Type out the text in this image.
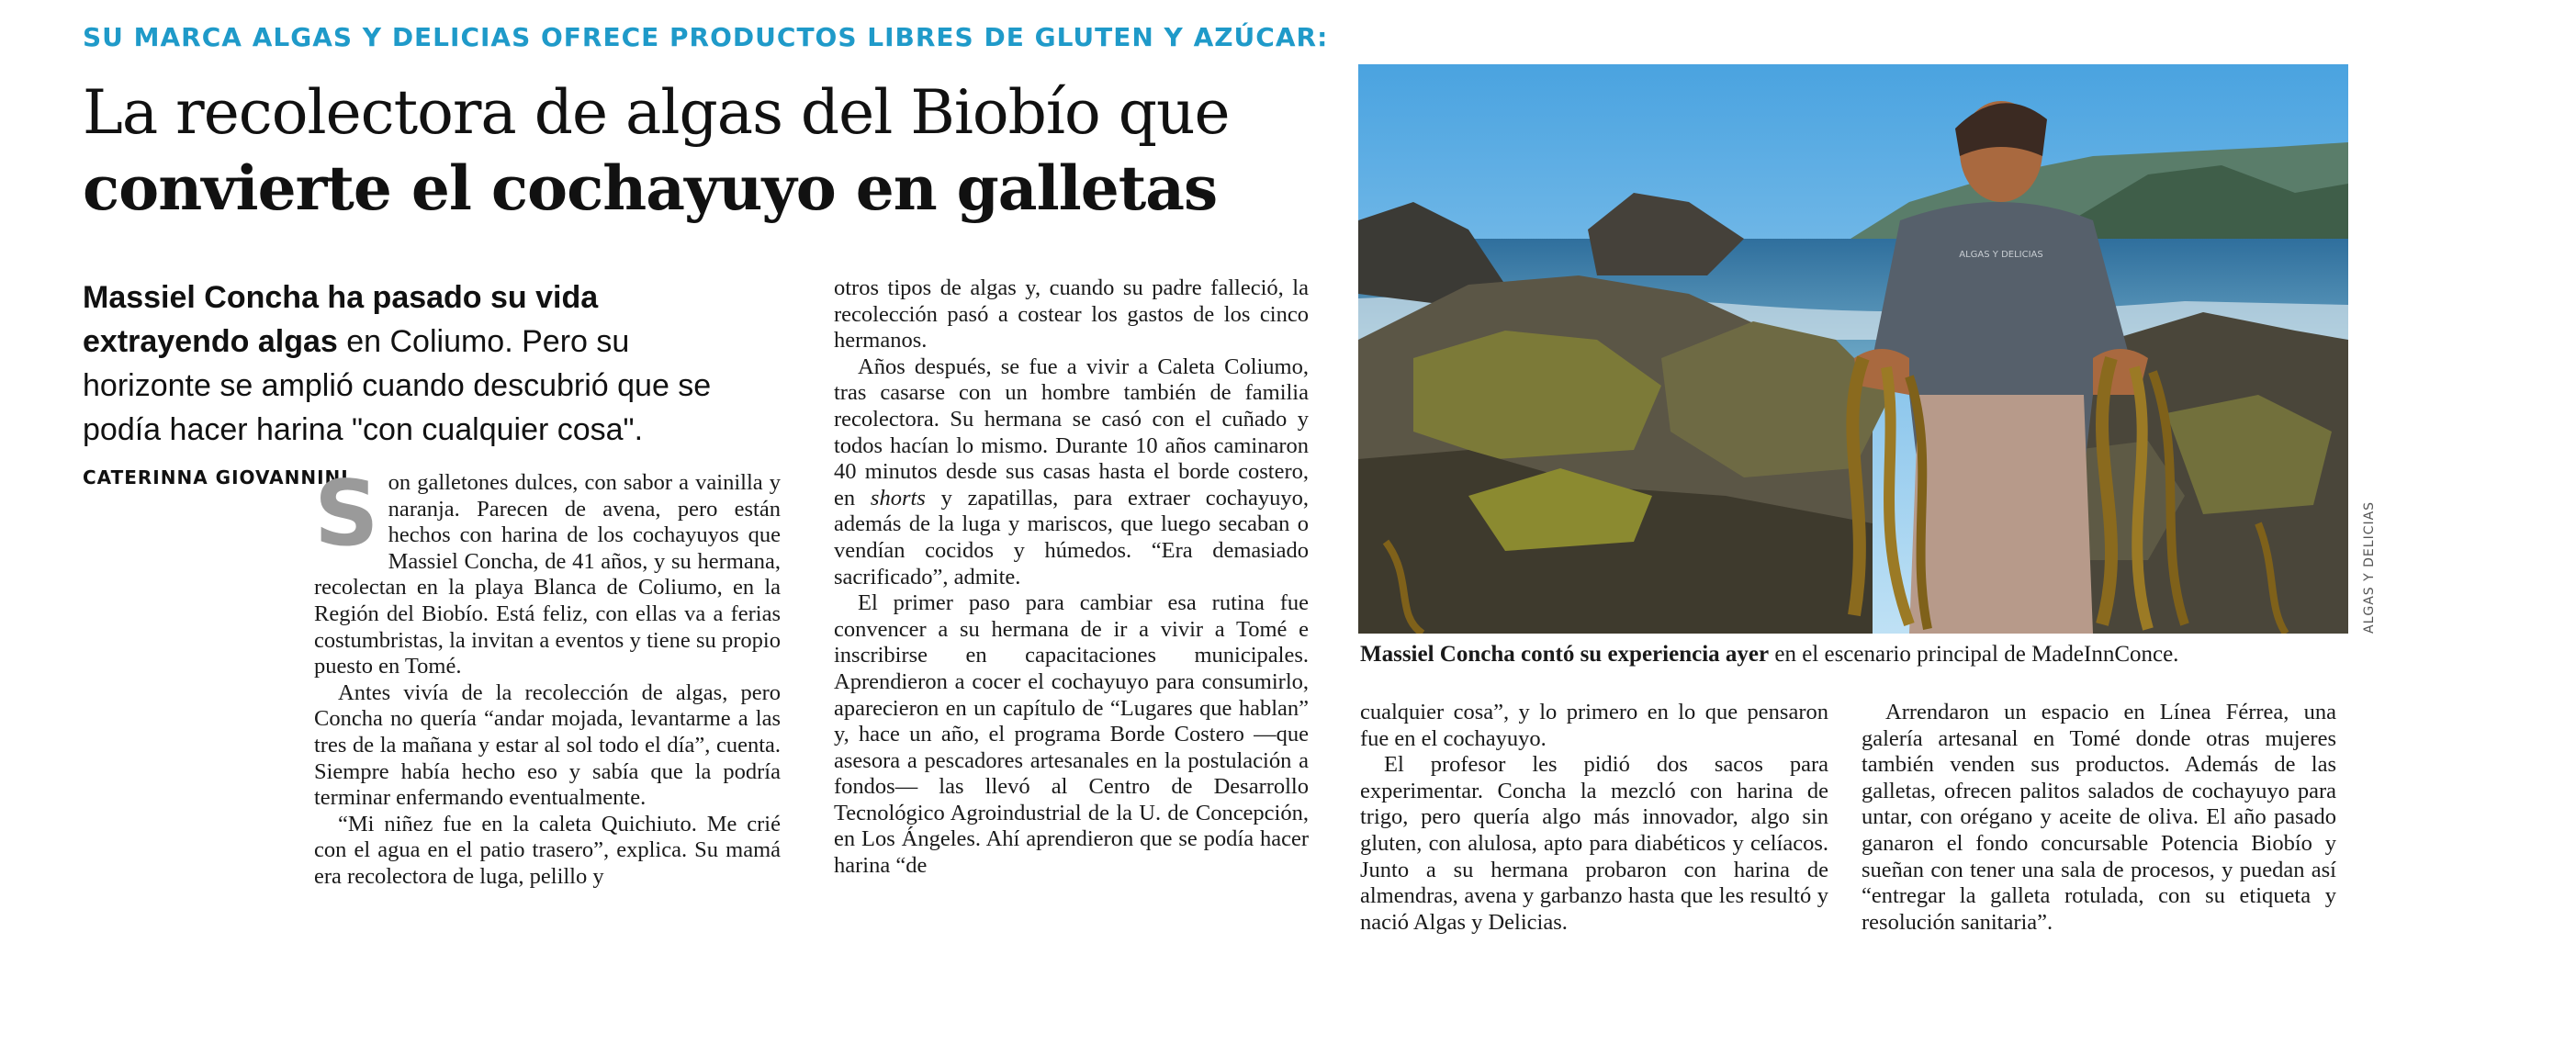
SU MARCA ALGAS Y DELICIAS OFRECE PRODUCTOS LIBRES DE GLUTEN Y AZÚCAR:
La recolectora de algas del Biobío que
convierte el cochayuyo en galletas
Massiel Concha ha pasado su vida extrayendo algas en Coliumo. Pero su horizonte se amplió cuando descubrió que se podía hacer harina "con cualquier cosa". CATERINNA GIOVANNINI

Son galletones dulces, con sabor a vainilla y naranja. Parecen de avena, pero están hechos con harina de los cochayuyos que Massiel Concha, de 41 años, y su hermana, recolectan en la playa Blanca de Coliumo, en la Región del Biobío. Está feliz, con ellas va a ferias costumbristas, la invitan a eventos y tiene su propio puesto en Tomé.

Antes vivía de la recolección de algas, pero Concha no quería “andar mojada, levantarme a las tres de la mañana y estar al sol todo el día”, cuenta. Siempre había hecho eso y sabía que la podría terminar enfermando eventualmente.

“Mi niñez fue en la caleta Quichiuto. Me crié con el agua en el patio trasero”, explica. Su mamá era recolectora de luga, pelillo y

otros tipos de algas y, cuando su padre falleció, la recolección pasó a costear los gastos de los cinco hermanos.

Años después, se fue a vivir a Caleta Coliumo, tras casarse con un hombre también de familia recolectora. Su hermana se casó con el cuñado y todos hacían lo mismo. Durante 10 años caminaron 40 minutos desde sus casas hasta el borde costero, en shorts y zapatillas, para extraer cochayuyo, además de la luga y mariscos, que luego secaban o vendían cocidos y húmedos. “Era demasiado sacrificado”, admite.

El primer paso para cambiar esa rutina fue convencer a su hermana de ir a vivir a Tomé e inscribirse en capacitaciones municipales. Aprendieron a cocer el cochayuyo para consumirlo, aparecieron en un capítulo de “Lugares que hablan” y, hace un año, el programa Borde Costero —que asesora a pescadores artesanales en la postulación a fondos— las llevó al Centro de Desarrollo Tecnológico Agroindustrial de la U. de Concepción, en Los Ángeles. Ahí aprendieron que se podía hacer harina “de

ALGAS Y DELICIAS
ALGAS Y DELICIAS
Massiel Concha contó su experiencia ayer en el escenario principal de MadeInnConce.

cualquier cosa”, y lo primero en lo que pensaron fue en el cochayuyo.

El profesor les pidió dos sacos para experimentar. Concha la mezcló con harina de trigo, pero quería algo más innovador, algo sin gluten, con alulosa, apto para diabéticos y celíacos. Junto a su hermana probaron con harina de almendras, avena y garbanzo hasta que les resultó y nació Algas y Delicias.

Arrendaron un espacio en Línea Férrea, una galería artesanal en Tomé donde otras mujeres también venden sus productos. Además de las galletas, ofrecen palitos salados de cochayuyo para untar, con orégano y aceite de oliva. El año pasado ganaron el fondo concursable Potencia Biobío y sueñan con tener una sala de procesos, y puedan así “entregar la galleta rotulada, con su etiqueta y resolución sanitaria”.
